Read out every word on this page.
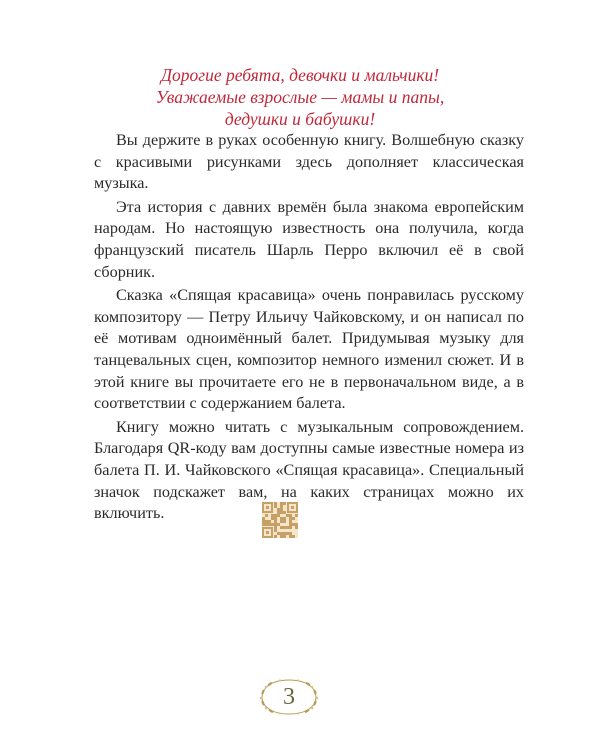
Дорогие ребята, девочки и мальчики!
Уважаемые взрослые — мамы и папы,
дедушки и бабушки!

Вы держите в руках особенную книгу. Волшебную сказку с красивыми рисунками здесь дополняет классическая музыка.

Эта история с давних времён была знакома европейским народам. Но настоящую известность она получила, когда французский писатель Шарль Перро включил её в свой сборник.

Сказка «Спящая красавица» очень понравилась русскому композитору — Петру Ильичу Чайковскому, и он написал по её мотивам одноимённый балет. Придумывая музыку для танцевальных сцен, композитор немного изменил сюжет. И в этой книге вы прочитаете его не в первоначальном виде, а в соответствии с содержанием балета.

Книгу можно читать с музыкальным сопровождением. Благодаря QR-коду вам доступны самые известные номера из балета П. И. Чайковского «Спящая красавица». Специальный значок подскажет вам, на каких страницах можно их включить.

3
